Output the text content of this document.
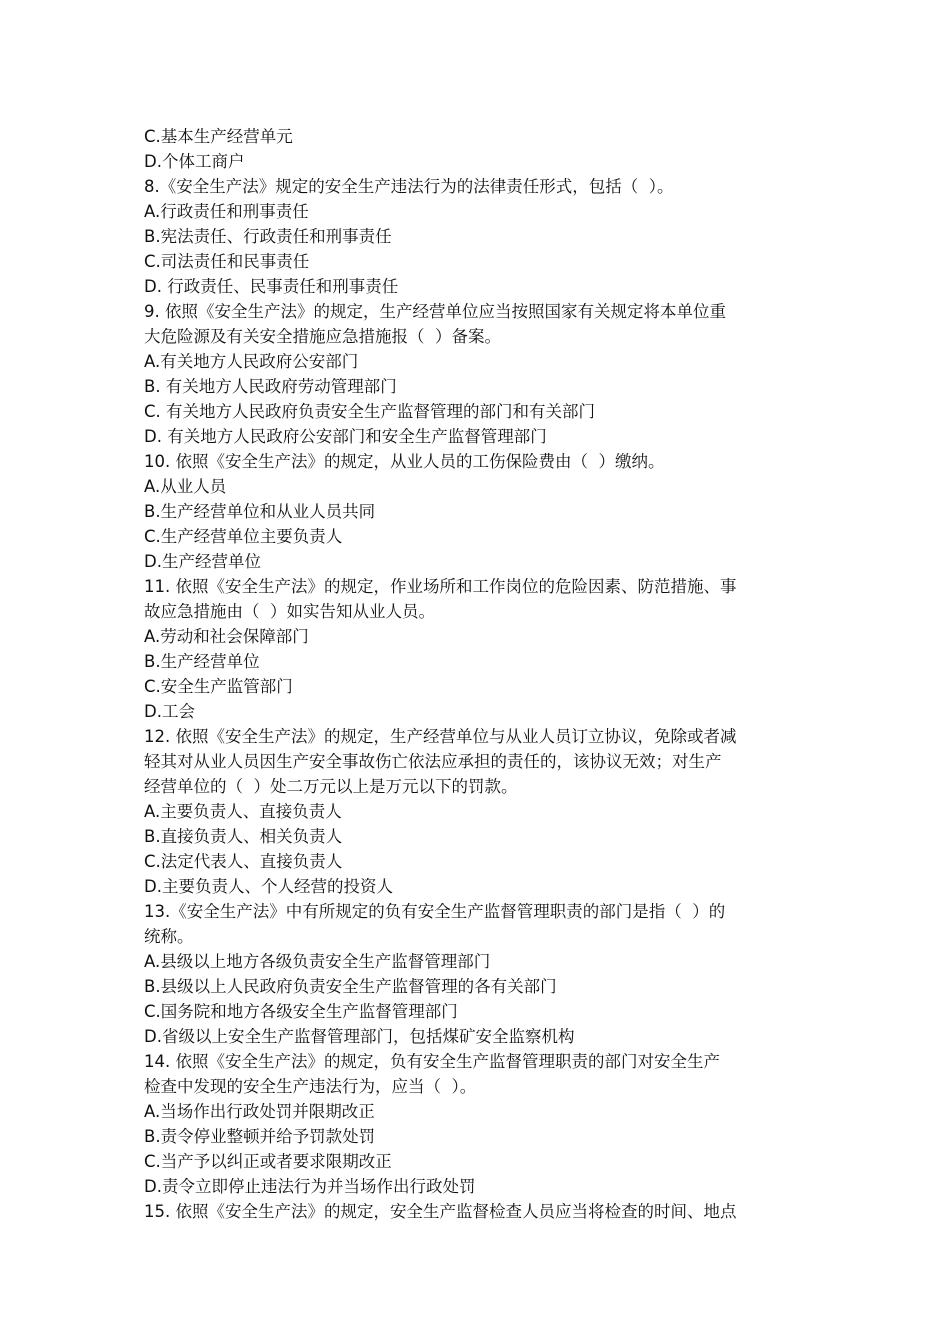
C.基本生产经营单元
D.个体工商户
8.《安全生产法》规定的安全生产违法行为的法律责任形式，包括（  ）。
A.行政责任和刑事责任
B.宪法责任、行政责任和刑事责任
C.司法责任和民事责任
D. 行政责任、民事责任和刑事责任
9. 依照《安全生产法》的规定，生产经营单位应当按照国家有关规定将本单位重
大危险源及有关安全措施应急措施报（  ）备案。
A.有关地方人民政府公安部门
B. 有关地方人民政府劳动管理部门
C. 有关地方人民政府负责安全生产监督管理的部门和有关部门
D. 有关地方人民政府公安部门和安全生产监督管理部门
10. 依照《安全生产法》的规定，从业人员的工伤保险费由（  ）缴纳。
A.从业人员
B.生产经营单位和从业人员共同
C.生产经营单位主要负责人
D.生产经营单位
11. 依照《安全生产法》的规定，作业场所和工作岗位的危险因素、防范措施、事
故应急措施由（  ）如实告知从业人员。
A.劳动和社会保障部门
B.生产经营单位
C.安全生产监管部门
D.工会
12. 依照《安全生产法》的规定，生产经营单位与从业人员订立协议，免除或者减
轻其对从业人员因生产安全事故伤亡依法应承担的责任的，该协议无效；对生产
经营单位的（  ）处二万元以上是万元以下的罚款。
A.主要负责人、直接负责人
B.直接负责人、相关负责人
C.法定代表人、直接负责人
D.主要负责人、个人经营的投资人
13.《安全生产法》中有所规定的负有安全生产监督管理职责的部门是指（  ）的
统称。
A.县级以上地方各级负责安全生产监督管理部门
B.县级以上人民政府负责安全生产监督管理的各有关部门
C.国务院和地方各级安全生产监督管理部门
D.省级以上安全生产监督管理部门，包括煤矿安全监察机构
14. 依照《安全生产法》的规定，负有安全生产监督管理职责的部门对安全生产
检查中发现的安全生产违法行为，应当（  ）。
A.当场作出行政处罚并限期改正
B.责令停业整顿并给予罚款处罚
C.当产予以纠正或者要求限期改正
D.责令立即停止违法行为并当场作出行政处罚
15. 依照《安全生产法》的规定，安全生产监督检查人员应当将检查的时间、地点
